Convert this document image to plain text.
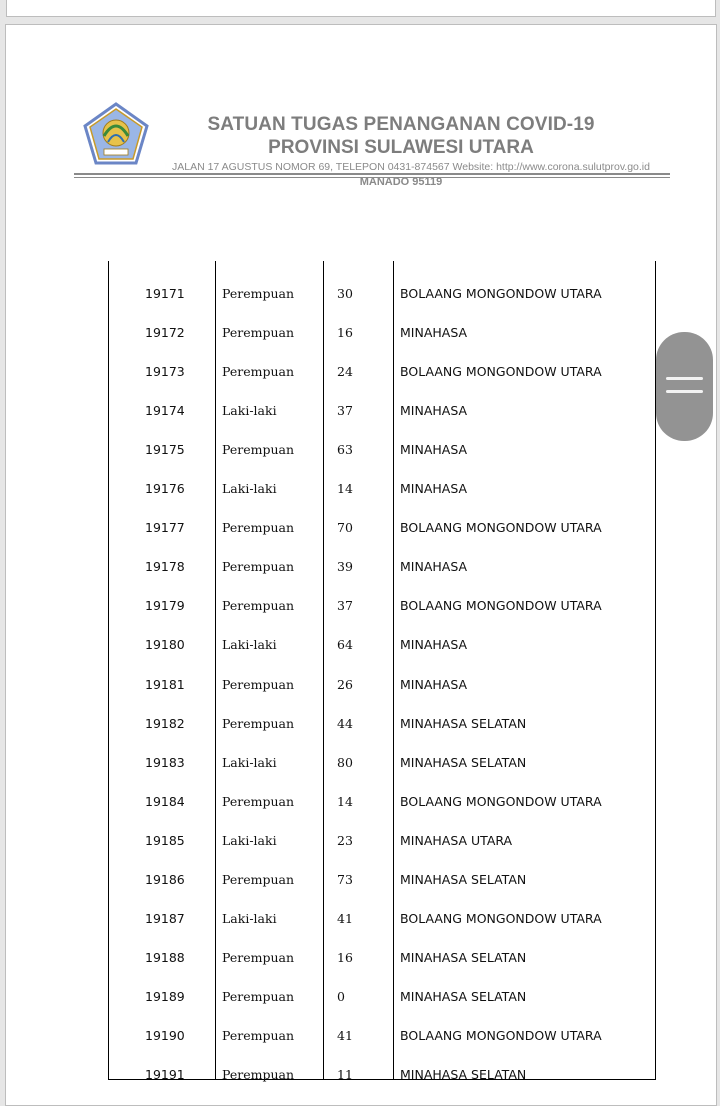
SATUAN TUGAS PENANGANAN COVID-19
PROVINSI SULAWESI UTARA
JALAN 17 AGUSTUS NOMOR 69, TELEPON 0431-874567 Website: http://www.corona.sulutprov.go.id
MANADO 95119
19171	Perempuan	30	BOLAANG MONGONDOW UTARA
19172	Perempuan	16	MINAHASA
19173	Perempuan	24	BOLAANG MONGONDOW UTARA
19174	Laki-laki	37	MINAHASA
19175	Perempuan	63	MINAHASA
19176	Laki-laki	14	MINAHASA
19177	Perempuan	70	BOLAANG MONGONDOW UTARA
19178	Perempuan	39	MINAHASA
19179	Perempuan	37	BOLAANG MONGONDOW UTARA
19180	Laki-laki	64	MINAHASA
19181	Perempuan	26	MINAHASA
19182	Perempuan	44	MINAHASA SELATAN
19183	Laki-laki	80	MINAHASA SELATAN
19184	Perempuan	14	BOLAANG MONGONDOW UTARA
19185	Laki-laki	23	MINAHASA UTARA
19186	Perempuan	73	MINAHASA SELATAN
19187	Laki-laki	41	BOLAANG MONGONDOW UTARA
19188	Perempuan	16	MINAHASA SELATAN
19189	Perempuan	0	MINAHASA SELATAN
19190	Perempuan	41	BOLAANG MONGONDOW UTARA
19191	Perempuan	11	MINAHASA SELATAN
